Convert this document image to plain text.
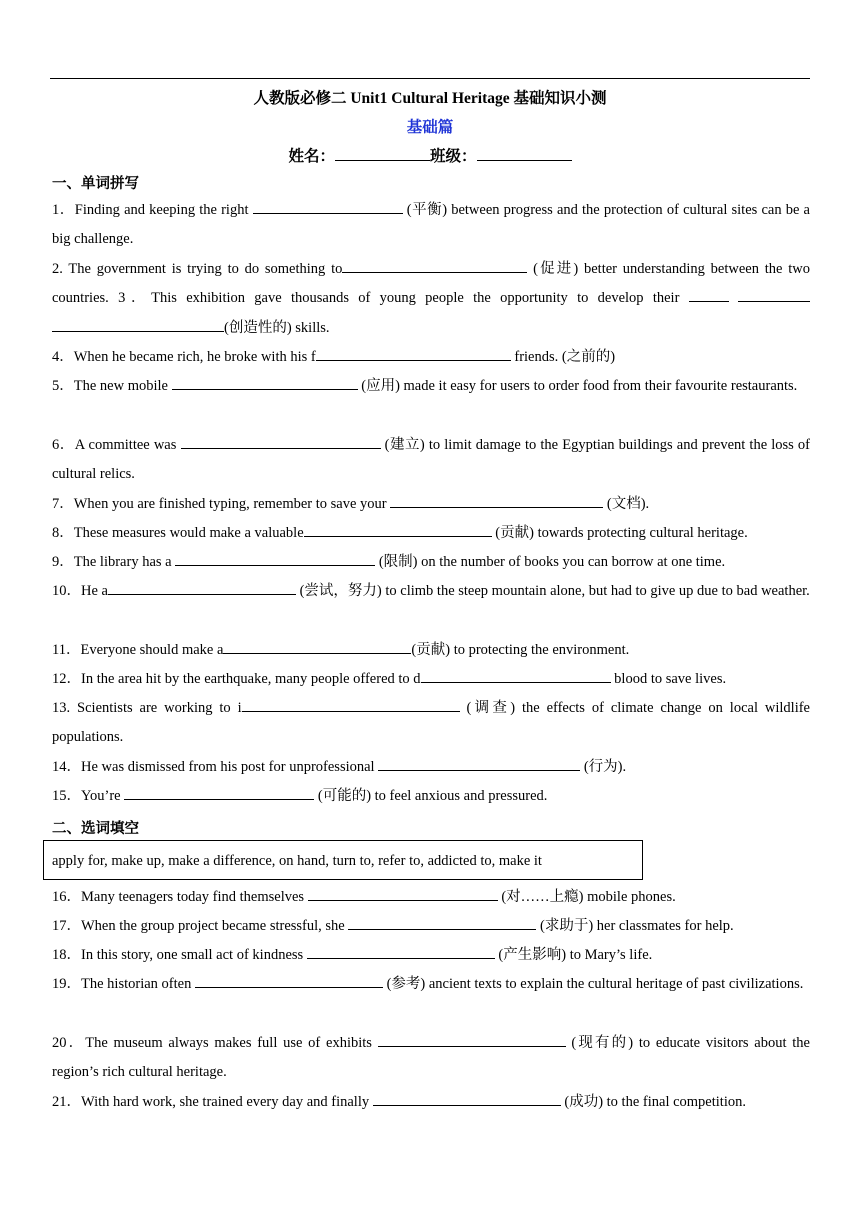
人教版必修二 Unit1 Cultural Heritage 基础知识小测
基础篇
姓名：	班级：
一、单词拼写
1．Finding and keeping the right	(平衡) between progress and the protection of cultural sites can be a big challenge.
2. The government is trying to do something to	(促进) better understanding between the two countries. 3．This exhibition gave thousands of young people the opportunity to develop their   (创造性的) skills.
4．When he became rich, he broke with his f	friends. (之前的)
5．The new mobile	(应用) made it easy for users to order food from their favourite restaurants.
6．A committee was	(建立) to limit damage to the Egyptian buildings and prevent the loss of cultural relics.
7．When you are finished typing, remember to save your	(文档).
8．These measures would make a valuable	(贡献) towards protecting cultural heritage.
9．The library has a	(限制) on the number of books you can borrow at one time.
10．He a	(尝试，努力) to climb the steep mountain alone, but had to give up due to bad weather.
11．Everyone should make a	(贡献) to protecting the environment.
12．In the area hit by the earthquake, many people offered to d	blood to save lives.
13. Scientists are working to i	(调查) the effects of climate change on local wildlife populations.
14．He was dismissed from his post for unprofessional	(行为).
15．You’re	(可能的) to feel anxious and pressured.
二、选词填空
apply for, make up, make a difference, on hand, turn to, refer to, addicted to, make it
16．Many teenagers today find themselves	(对……上瘾) mobile phones.
17．When the group project became stressful, she	(求助于) her classmates for help.
18．In this story, one small act of kindness	(产生影响) to Mary’s life.
19．The historian often	(参考) ancient texts to explain the cultural heritage of past civilizations.
20．The museum always makes full use of exhibits	(现有的) to educate visitors about the region’s rich cultural heritage.
21．With hard work, she trained every day and finally	(成功) to the final competition.
